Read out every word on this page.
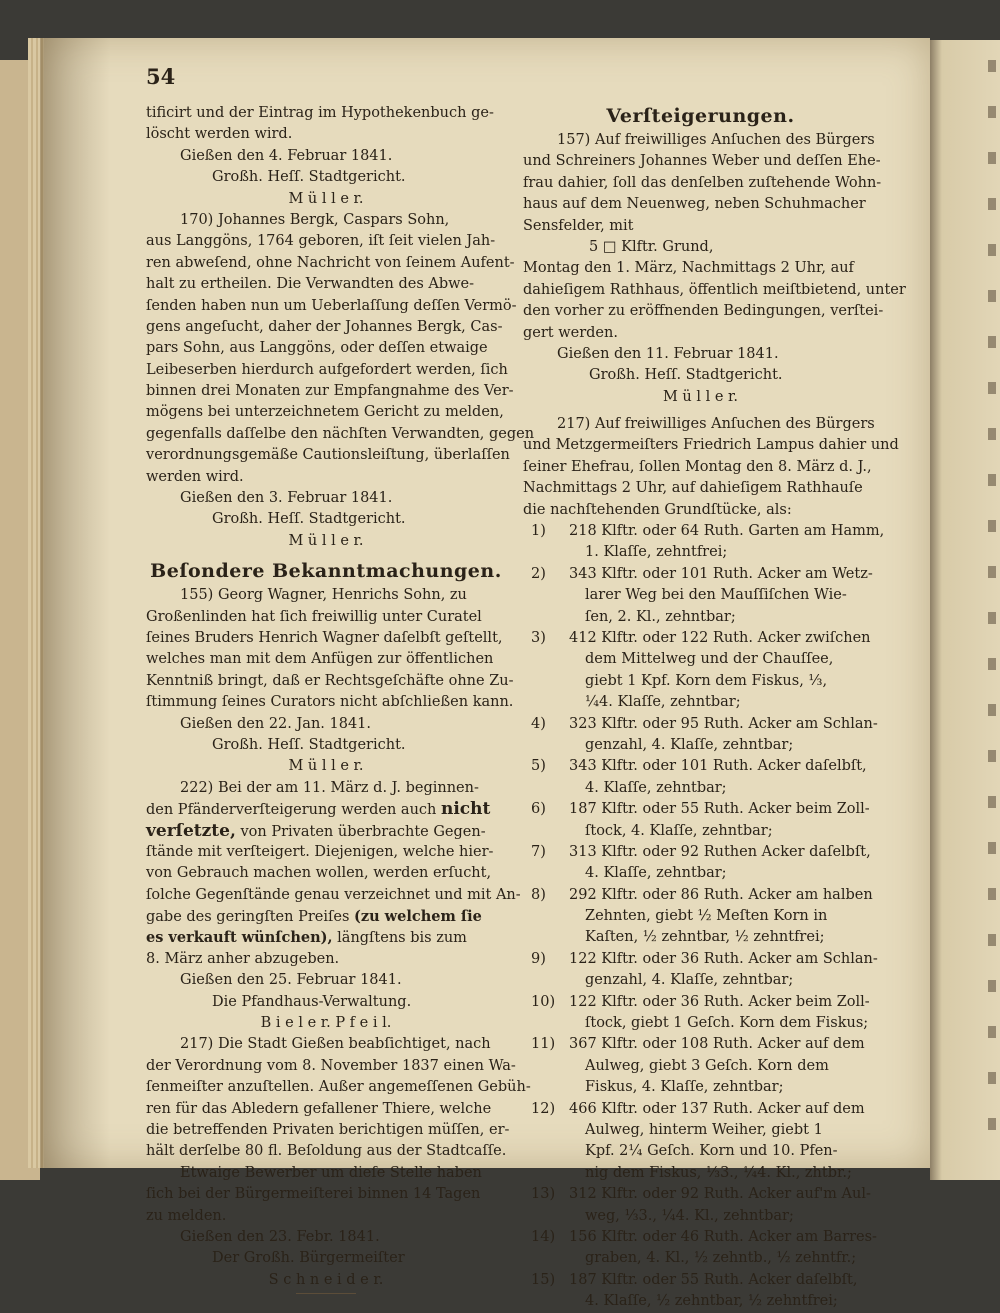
54
tificirt und der Eintrag im Hypothekenbuch ge-
löscht werden wird.
Gießen den 4. Februar 1841.
Großh. Heſſ. Stadtgericht.
M ü l l e r.
170) Johannes Bergk, Caspars Sohn,
aus Langgöns, 1764 geboren, iſt ſeit vielen Jah-
ren abweſend, ohne Nachricht von ſeinem Aufent-
halt zu ertheilen. Die Verwandten des Abwe-
ſenden haben nun um Ueberlaſſung deſſen Vermö-
gens angeſucht, daher der Johannes Bergk, Cas-
pars Sohn, aus Langgöns, oder deſſen etwaige
Leibeserben hierdurch aufgefordert werden, ſich
binnen drei Monaten zur Empfangnahme des Ver-
mögens bei unterzeichnetem Gericht zu melden,
gegenfalls daſſelbe den nächſten Verwandten, gegen
verordnungsgemäße Cautionsleiſtung, überlaſſen
werden wird.
Gießen den 3. Februar 1841.
Großh. Heſſ. Stadtgericht.
M ü l l e r.
Beſondere Bekanntmachungen.
155) Georg Wagner, Henrichs Sohn, zu
Großenlinden hat ſich freiwillig unter Curatel
ſeines Bruders Henrich Wagner daſelbſt geſtellt,
welches man mit dem Anfügen zur öffentlichen
Kenntniß bringt, daß er Rechtsgeſchäfte ohne Zu-
ſtimmung ſeines Curators nicht abſchließen kann.
Gießen den 22. Jan. 1841.
Großh. Heſſ. Stadtgericht.
M ü l l e r.
222) Bei der am 11. März d. J. beginnen-
den Pfänderverſteigerung werden auch nicht
verſetzte, von Privaten überbrachte Gegen-
ſtände mit verſteigert. Diejenigen, welche hier-
von Gebrauch machen wollen, werden erſucht,
ſolche Gegenſtände genau verzeichnet und mit An-
gabe des geringſten Preiſes (zu welchem ſie
es verkauft wünſchen), längſtens bis zum
8. März anher abzugeben.
Gießen den 25. Februar 1841.
Die Pfandhaus-Verwaltung.
B i e l e r. P f e i l.
217) Die Stadt Gießen beabſichtiget, nach
der Verordnung vom 8. November 1837 einen Wa-
ſenmeiſter anzuſtellen. Außer angemeſſenen Gebüh-
ren für das Abledern gefallener Thiere, welche
die betreffenden Privaten berichtigen müſſen, er-
hält derſelbe 80 fl. Beſoldung aus der Stadtcaſſe.
Etwaige Bewerber um dieſe Stelle haben
ſich bei der Bürgermeiſterei binnen 14 Tagen
zu melden.
Gießen den 23. Febr. 1841.
Der Großh. Bürgermeiſter
S c h n e i d e r.
Verſteigerungen.
157) Auf freiwilliges Anſuchen des Bürgers
und Schreiners Johannes Weber und deſſen Ehe-
frau dahier, ſoll das denſelben zuſtehende Wohn-
haus auf dem Neuenweg, neben Schuhmacher
Sensfelder, mit
5 □ Klftr. Grund,
Montag den 1. März, Nachmittags 2 Uhr, auf
dahieſigem Rathhaus, öffentlich meiſtbietend, unter
den vorher zu eröffnenden Bedingungen, verſtei-
gert werden.
Gießen den 11. Februar 1841.
Großh. Heſſ. Stadtgericht.
M ü l l e r.
217) Auf freiwilliges Anſuchen des Bürgers
und Metzgermeiſters Friedrich Lampus dahier und
ſeiner Ehefrau, ſollen Montag den 8. März d. J.,
Nachmittags 2 Uhr, auf dahieſigem Rathhauſe
die nachſtehenden Grundſtücke, als:
1)	218 Klftr. oder 64 Ruth. Garten am Hamm,
1. Klaſſe, zehntfrei;
2)	343 Klftr. oder 101 Ruth. Acker am Wetz-
larer Weg bei den Mauſſiſchen Wie-
ſen, 2. Kl., zehntbar;
3)	412 Klftr. oder 122 Ruth. Acker zwiſchen
dem Mittelweg und der Chauſſee,
giebt 1 Kpf. Korn dem Fiskus, ⅓,
¼4. Klaſſe, zehntbar;
4)	323 Klftr. oder 95 Ruth. Acker am Schlan-
genzahl, 4. Klaſſe, zehntbar;
5)	343 Klftr. oder 101 Ruth. Acker daſelbſt,
4. Klaſſe, zehntbar;
6)	187 Klftr. oder 55 Ruth. Acker beim Zoll-
ſtock, 4. Klaſſe, zehntbar;
7)	313 Klftr. oder 92 Ruthen Acker daſelbſt,
4. Klaſſe, zehntbar;
8)	292 Klftr. oder 86 Ruth. Acker am halben
Zehnten, giebt ½ Meſten Korn in
Kaſten, ½ zehntbar, ½ zehntfrei;
9)	122 Klftr. oder 36 Ruth. Acker am Schlan-
genzahl, 4. Klaſſe, zehntbar;
10) 122 Klftr. oder 36 Ruth. Acker beim Zoll-
ſtock, giebt 1 Geſch. Korn dem Fiskus;
11) 367 Klftr. oder 108 Ruth. Acker auf dem
Aulweg, giebt 3 Geſch. Korn dem
Fiskus, 4. Klaſſe, zehntbar;
12) 466 Klftr. oder 137 Ruth. Acker auf dem
Aulweg, hinterm Weiher, giebt 1
Kpf. 2¼ Geſch. Korn und 10. Pfen-
nig dem Fiskus, ⅓3., ¼4. Kl., zhtbr.;
13) 312 Klftr. oder 92 Ruth. Acker auf'm Aul-
weg, ⅓3., ¼4. Kl., zehntbar;
14) 156 Klftr. oder 46 Ruth. Acker am Barres-
graben, 4. Kl., ½ zehntb., ½ zehntfr.;
15) 187 Klftr. oder 55 Ruth. Acker daſelbſt,
4. Klaſſe, ½ zehntbar, ½ zehntfrei;
